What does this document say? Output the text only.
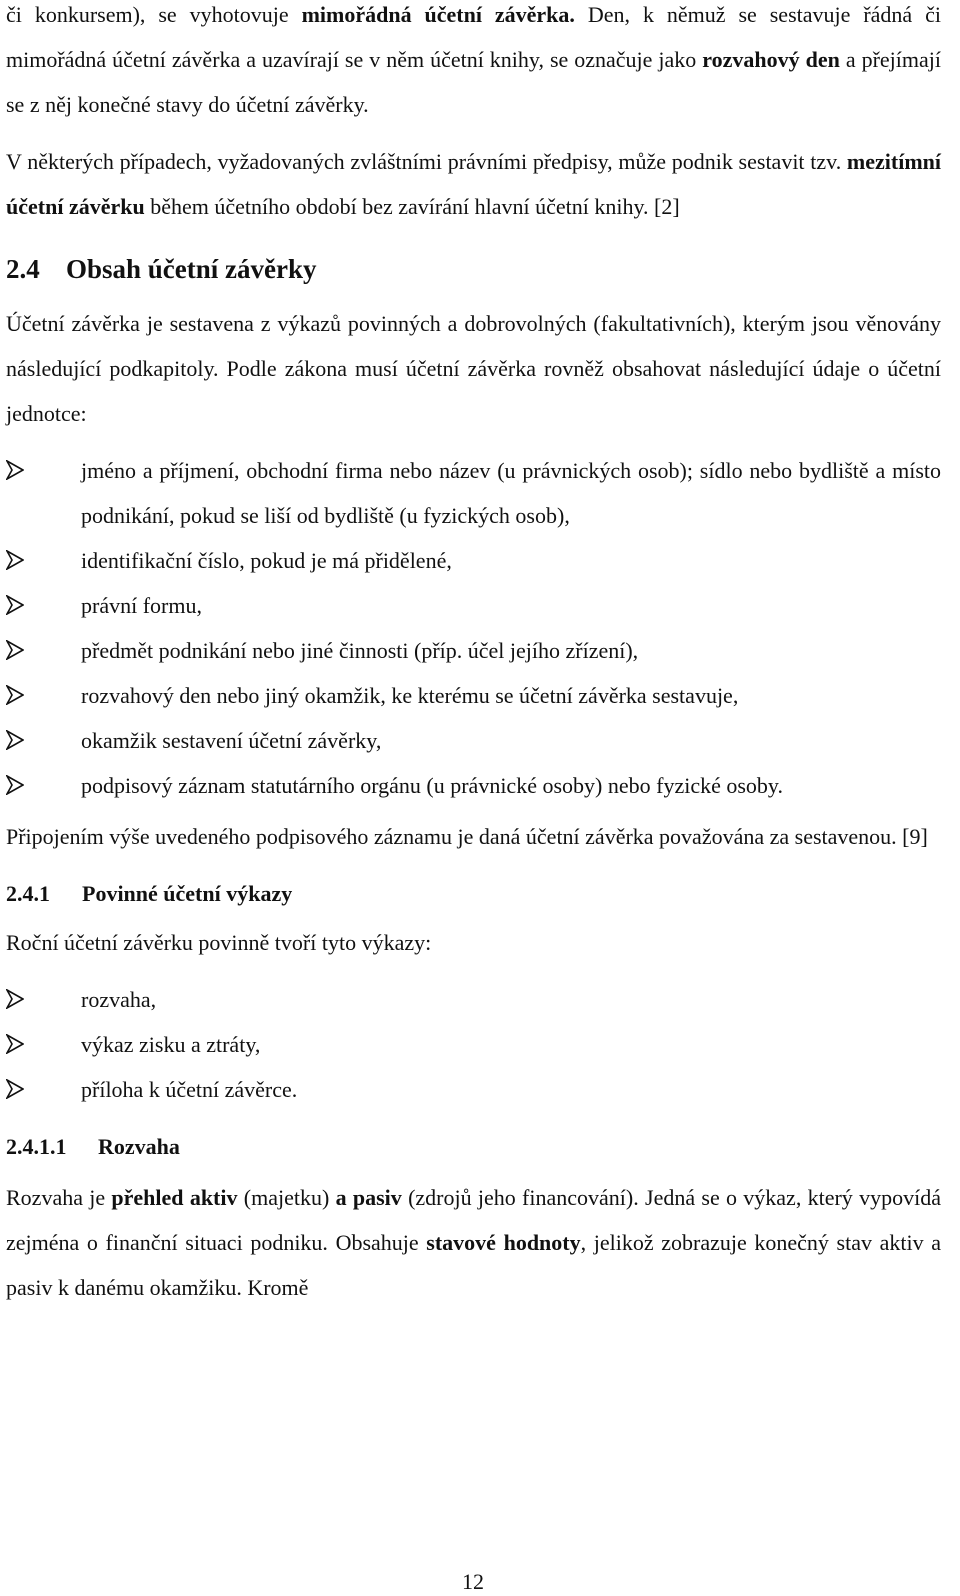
či konkursem), se vyhotovuje mimořádná účetní závěrka. Den, k němuž se sestavuje řádná či mimořádná účetní závěrka a uzavírají se v něm účetní knihy, se označuje jako rozvahový den a přejímají se z něj konečné stavy do účetní závěrky.

V některých případech, vyžadovaných zvláštními právními předpisy, může podnik sestavit tzv. mezitímní účetní závěrku během účetního období bez zavírání hlavní účetní knihy. [2]

2.4 Obsah účetní závěrky

Účetní závěrka je sestavena z výkazů povinných a dobrovolných (fakultativních), kterým jsou věnovány následující podkapitoly. Podle zákona musí účetní závěrka rovněž obsahovat následující údaje o účetní jednotce:

jméno a příjmení, obchodní firma nebo název (u právnických osob); sídlo nebo bydliště a místo podnikání, pokud se liší od bydliště (u fyzických osob),
identifikační číslo, pokud je má přidělené,
právní formu,
předmět podnikání nebo jiné činnosti (příp. účel jejího zřízení),
rozvahový den nebo jiný okamžik, ke kterému se účetní závěrka sestavuje,
okamžik sestavení účetní závěrky,
podpisový záznam statutárního orgánu (u právnické osoby) nebo fyzické osoby.

Připojením výše uvedeného podpisového záznamu je daná účetní závěrka považována za sestavenou. [9]

2.4.1 Povinné účetní výkazy

Roční účetní závěrku povinně tvoří tyto výkazy:

rozvaha,
výkaz zisku a ztráty,
příloha k účetní závěrce.
2.4.1.1 Rozvaha

Rozvaha je přehled aktiv (majetku) a pasiv (zdrojů jeho financování). Jedná se o výkaz, který vypovídá zejména o finanční situaci podniku. Obsahuje stavové hodnoty, jelikož zobrazuje konečný stav aktiv a pasiv k danému okamžiku. Kromě

12
